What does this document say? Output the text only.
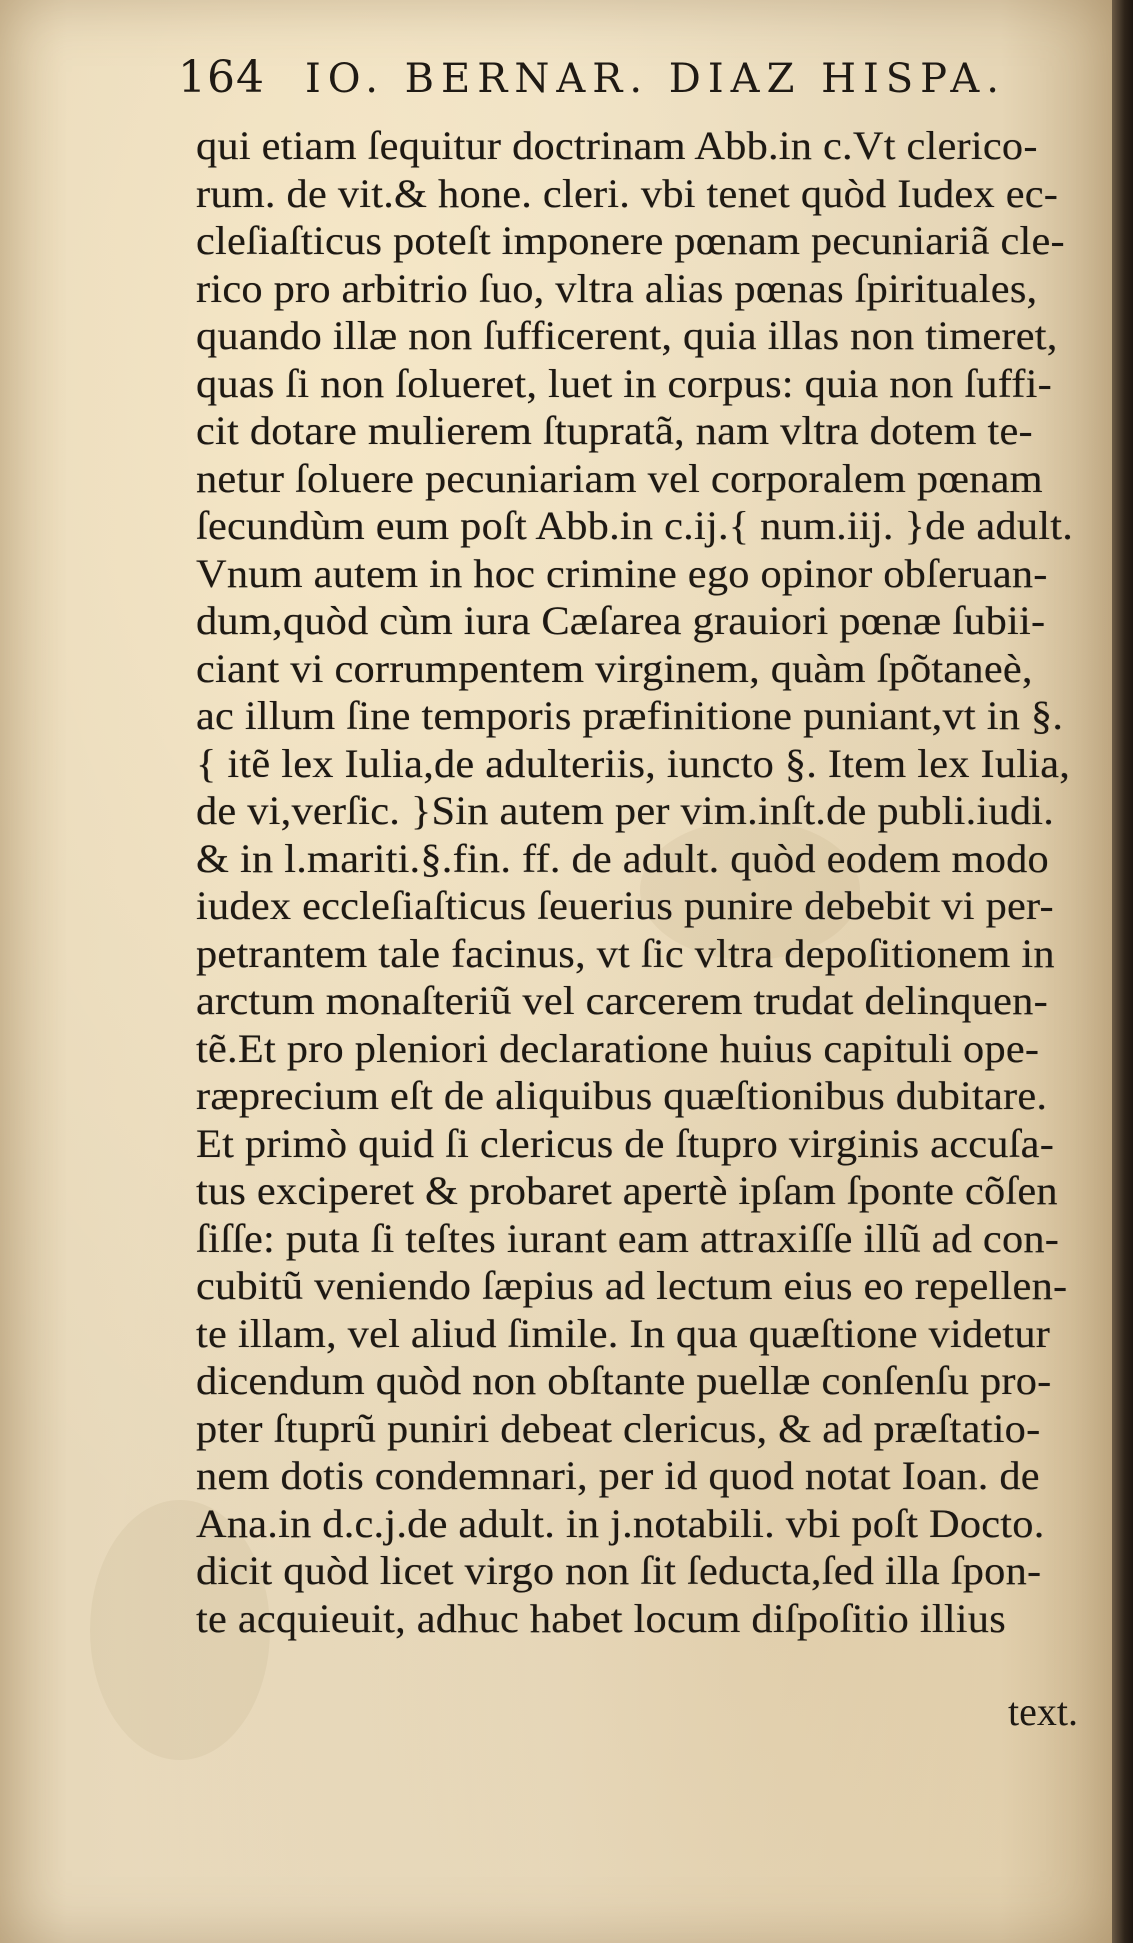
164 IO. BERNAR. DIAZ HISPA.
qui etiam ſequitur doctrinam Abb.in c.Vt clerico-
rum. de vit.& hone. cleri. vbi tenet quòd Iudex ec-
cleſiaſticus poteſt imponere pœnam pecuniariã cle-
rico pro arbitrio ſuo, vltra alias pœnas ſpirituales,
quando illæ non ſufficerent, quia illas non timeret,
quas ſi non ſolueret, luet in corpus: quia non ſuffi-
cit dotare mulierem ſtupratã, nam vltra dotem te-
netur ſoluere pecuniariam vel corporalem pœnam
ſecundùm eum poſt Abb.in c.ij.{ num.iij. }de adult.
Vnum autem in hoc crimine ego opinor obſeruan-
dum,quòd cùm iura Cæſarea grauiori pœnæ ſubii-
ciant vi corrumpentem virginem, quàm ſpõtaneè,
ac illum ſine temporis præfinitione puniant,vt in §.
{ itẽ lex Iulia,de adulteriis, iuncto §. Item lex Iulia,
de vi,verſic. }Sin autem per vim.inſt.de publi.iudi.
& in l.mariti.§.fin. ff. de adult. quòd eodem modo
iudex eccleſiaſticus ſeuerius punire debebit vi per-
petrantem tale facinus, vt ſic vltra depoſitionem in
arctum monaſteriũ vel carcerem trudat delinquen-
tẽ.Et pro pleniori declaratione huius capituli ope-
ræprecium eſt de aliquibus quæſtionibus dubitare.
Et primò quid ſi clericus de ſtupro virginis accuſa-
tus exciperet & probaret apertè ipſam ſponte cõſen
ſiſſe: puta ſi teſtes iurant eam attraxiſſe illũ ad con-
cubitũ veniendo ſæpius ad lectum eius eo repellen-
te illam, vel aliud ſimile. In qua quæſtione videtur
dicendum quòd non obſtante puellæ conſenſu pro-
pter ſtuprũ puniri debeat clericus, & ad præſtatio-
nem dotis condemnari, per id quod notat Ioan. de
Ana.in d.c.j.de adult. in j.notabili. vbi poſt Docto.
dicit quòd licet virgo non ſit ſeducta,ſed illa ſpon-
te acquieuit, adhuc habet locum diſpoſitio illius
text.
